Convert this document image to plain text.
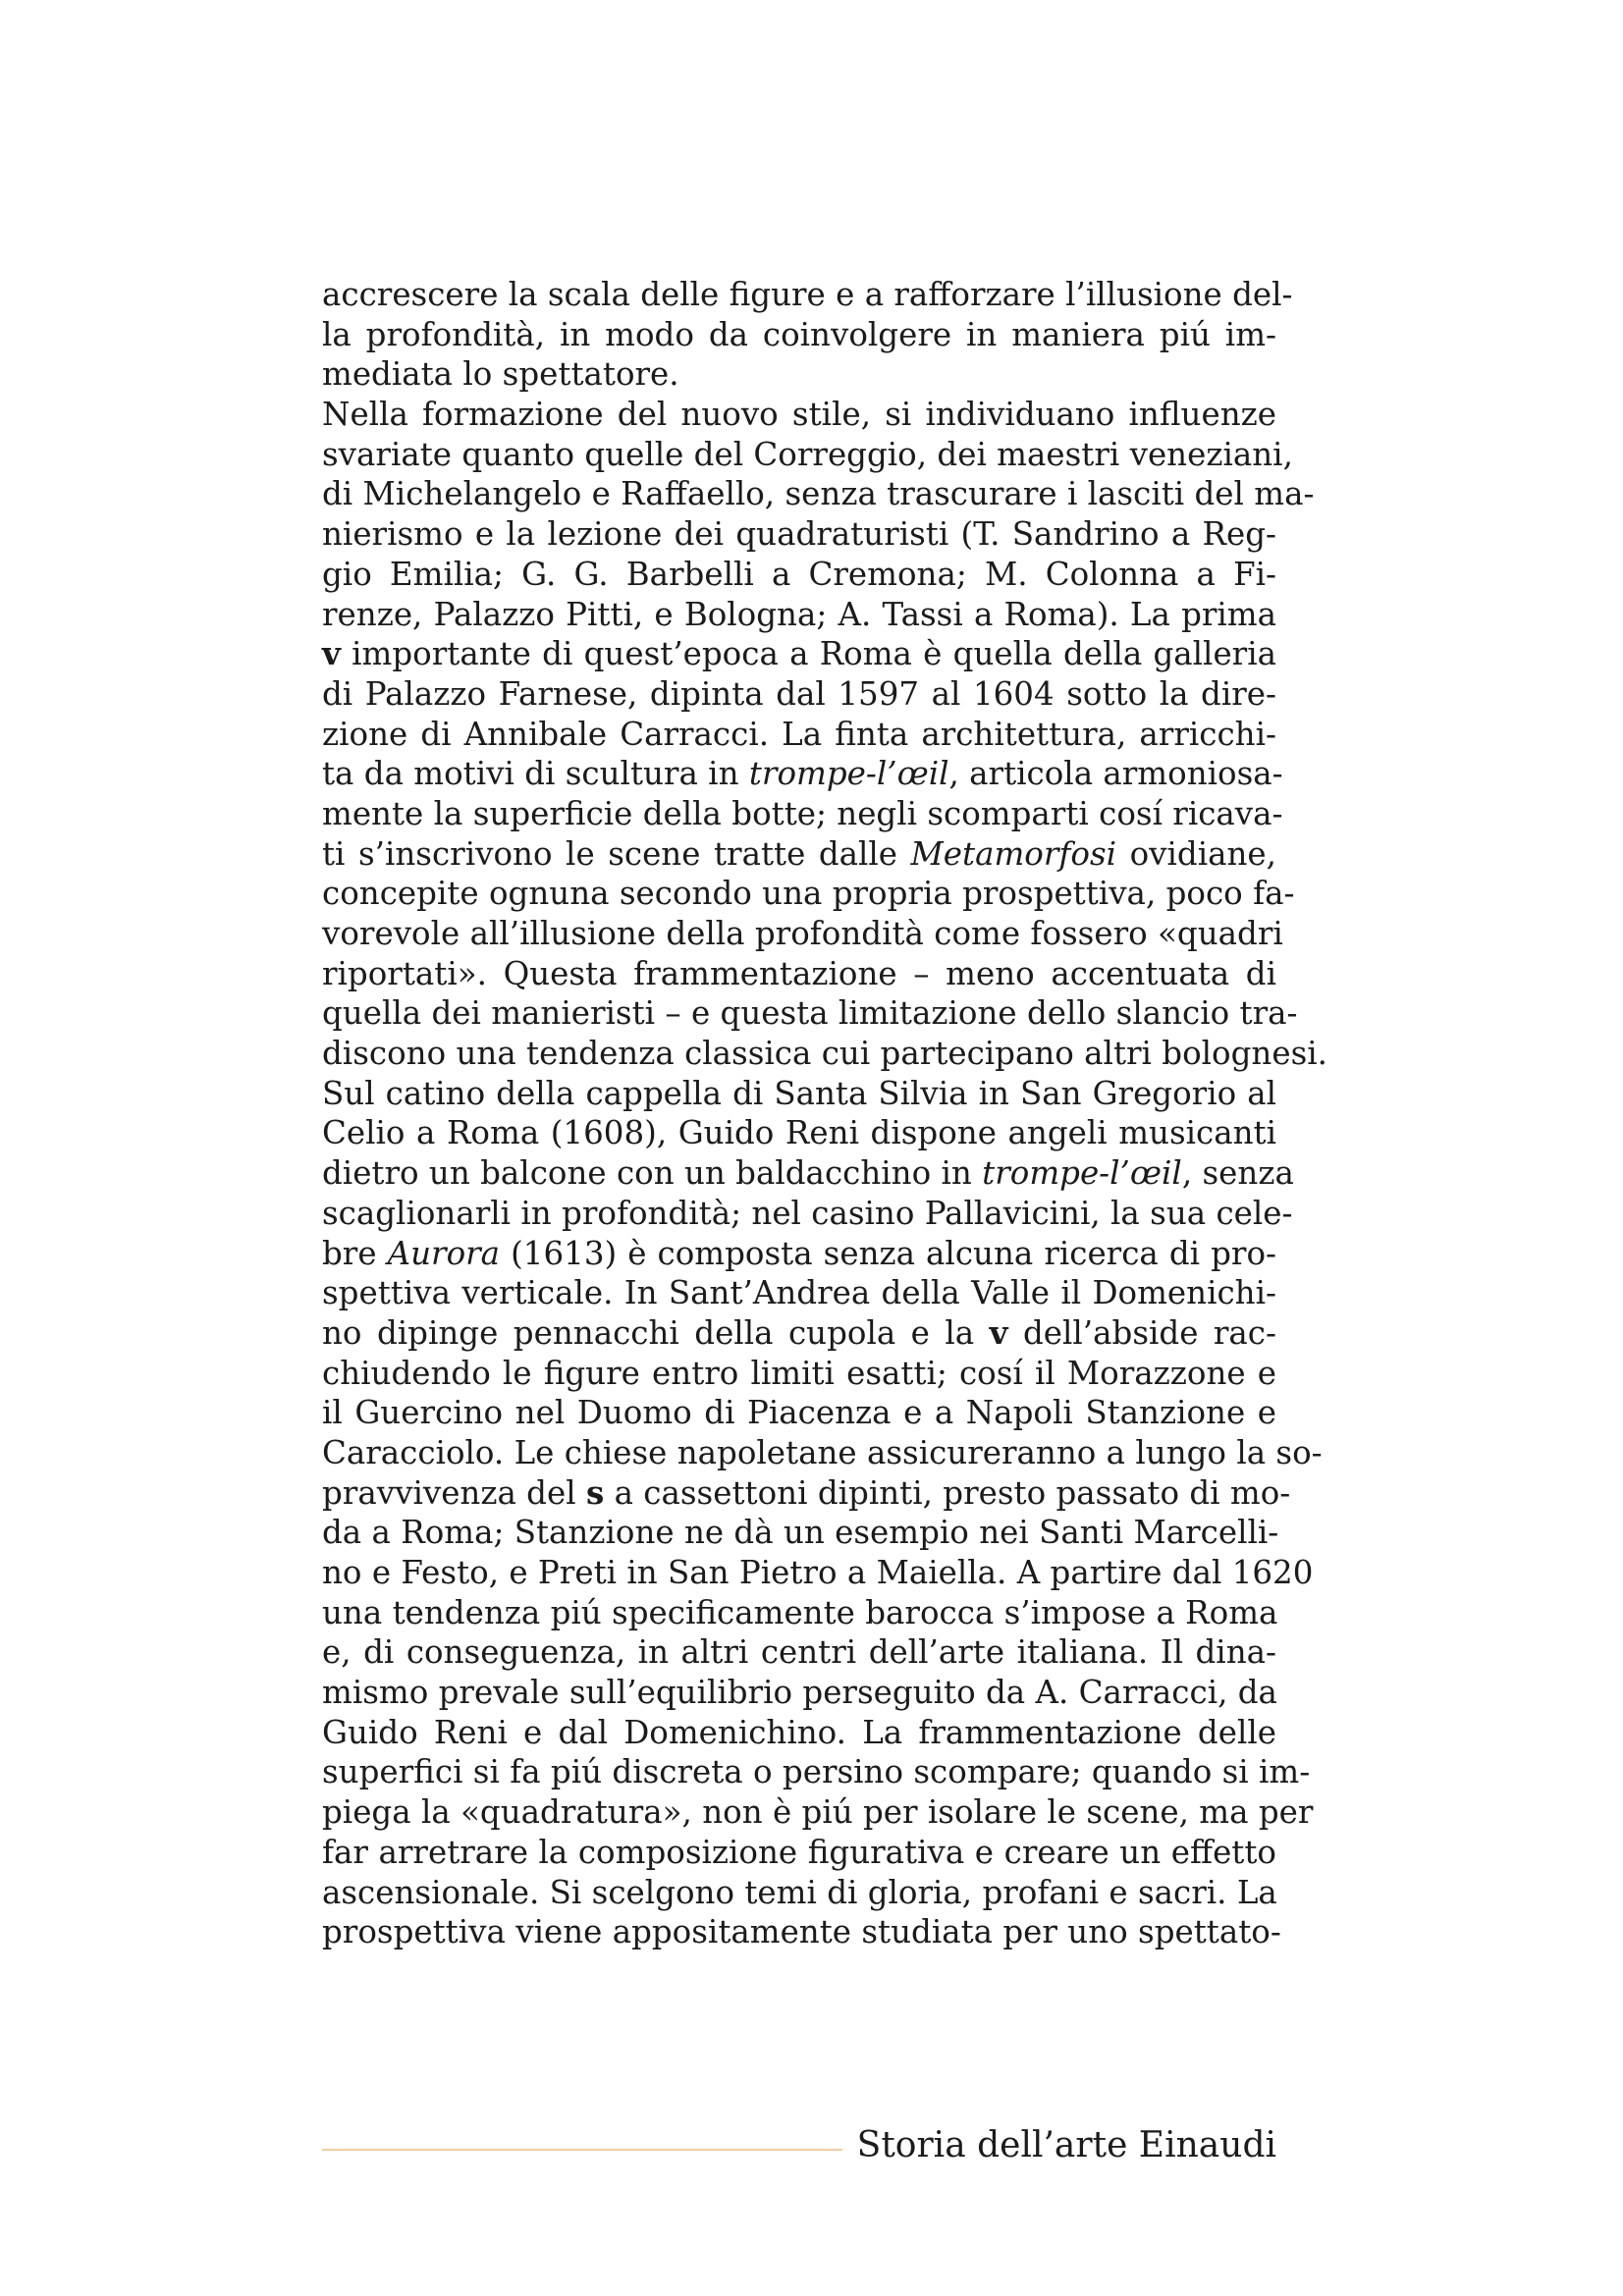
accrescere la scala delle figure e a rafforzare l’illusione del-
la profondità, in modo da coinvolgere in maniera piú im-
mediata lo spettatore.
Nella formazione del nuovo stile, si individuano influenze
svariate quanto quelle del Correggio, dei maestri veneziani,
di Michelangelo e Raffaello, senza trascurare i lasciti del ma-
nierismo e la lezione dei quadraturisti (T. Sandrino a Reg-
gio Emilia; G. G. Barbelli a Cremona; M. Colonna a Fi-
renze, Palazzo Pitti, e Bologna; A. Tassi a Roma). La prima
v importante di quest’epoca a Roma è quella della galleria
di Palazzo Farnese, dipinta dal 1597 al 1604 sotto la dire-
zione di Annibale Carracci. La finta architettura, arricchi-
ta da motivi di scultura in trompe-l’œil, articola armoniosa-
mente la superficie della botte; negli scomparti cosí ricava-
ti s’inscrivono le scene tratte dalle Metamorfosi ovidiane,
concepite ognuna secondo una propria prospettiva, poco fa-
vorevole all’illusione della profondità come fossero «quadri
riportati». Questa frammentazione – meno accentuata di
quella dei manieristi – e questa limitazione dello slancio tra-
discono una tendenza classica cui partecipano altri bolognesi.
Sul catino della cappella di Santa Silvia in San Gregorio al
Celio a Roma (1608), Guido Reni dispone angeli musicanti
dietro un balcone con un baldacchino in trompe-l’œil, senza
scaglionarli in profondità; nel casino Pallavicini, la sua cele-
bre Aurora (1613) è composta senza alcuna ricerca di pro-
spettiva verticale. In Sant’Andrea della Valle il Domenichi-
no dipinge pennacchi della cupola e la v dell’abside rac-
chiudendo le figure entro limiti esatti; cosí il Morazzone e
il Guercino nel Duomo di Piacenza e a Napoli Stanzione e
Caracciolo. Le chiese napoletane assicureranno a lungo la so-
pravvivenza del s a cassettoni dipinti, presto passato di mo-
da a Roma; Stanzione ne dà un esempio nei Santi Marcelli-
no e Festo, e Preti in San Pietro a Maiella. A partire dal 1620
una tendenza piú specificamente barocca s’impose a Roma
e, di conseguenza, in altri centri dell’arte italiana. Il dina-
mismo prevale sull’equilibrio perseguito da A. Carracci, da
Guido Reni e dal Domenichino. La frammentazione delle
superfici si fa piú discreta o persino scompare; quando si im-
piega la «quadratura», non è piú per isolare le scene, ma per
far arretrare la composizione figurativa e creare un effetto
ascensionale. Si scelgono temi di gloria, profani e sacri. La
prospettiva viene appositamente studiata per uno spettato-
Storia dell’arte Einaudi
